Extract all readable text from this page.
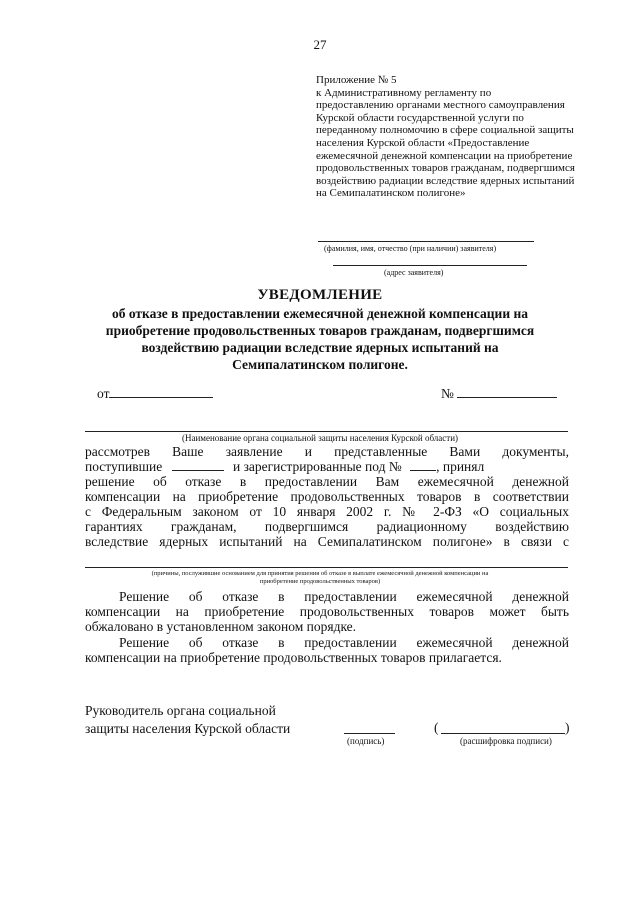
27
Приложение № 5
к Административному регламенту по
предоставлению органами местного самоуправления
Курской области государственной услуги по
переданному полномочию в сфере социальной защиты
населения Курской области «Предоставление
ежемесячной денежной компенсации на приобретение
продовольственных товаров гражданам, подвергшимся
воздействию радиации вследствие ядерных испытаний
на Семипалатинском полигоне»
(фамилия, имя, отчество (при наличии) заявителя)
(адрес заявителя)
УВЕДОМЛЕНИЕ
об отказе в предоставлении ежемесячной денежной компенсации на
приобретение продовольственных товаров гражданам, подвергшимся
воздействию радиации вследствие ядерных испытаний на
Семипалатинском полигоне.
от	№
(Наименование органа социальной защиты населения Курской области)
рассмотрев Ваше заявление и представленные Вами документы,
поступившие	и зарегистрированные под №	, принял
решение об отказе в предоставлении Вам ежемесячной денежной
компенсации на приобретение продовольственных товаров в соответствии
с Федеральным законом от 10 января 2002 г. № 2-ФЗ «О социальных
гарантиях гражданам, подвергшимся радиационному воздействию
вследствие ядерных испытаний на Семипалатинском полигоне» в связи с
(причины, послужившие основанием для принятия решения об отказе в выплате ежемесячной денежной компенсации на
приобретение продовольственных товаров)
Решение об отказе в предоставлении ежемесячной денежной
компенсации на приобретение продовольственных товаров может быть
обжаловано в установленном законом порядке.
Решение об отказе в предоставлении ежемесячной денежной
компенсации на приобретение продовольственных товаров прилагается.
Руководитель органа социальной
защиты населения Курской области
(подпись)
(	)
(расшифровка подписи)
